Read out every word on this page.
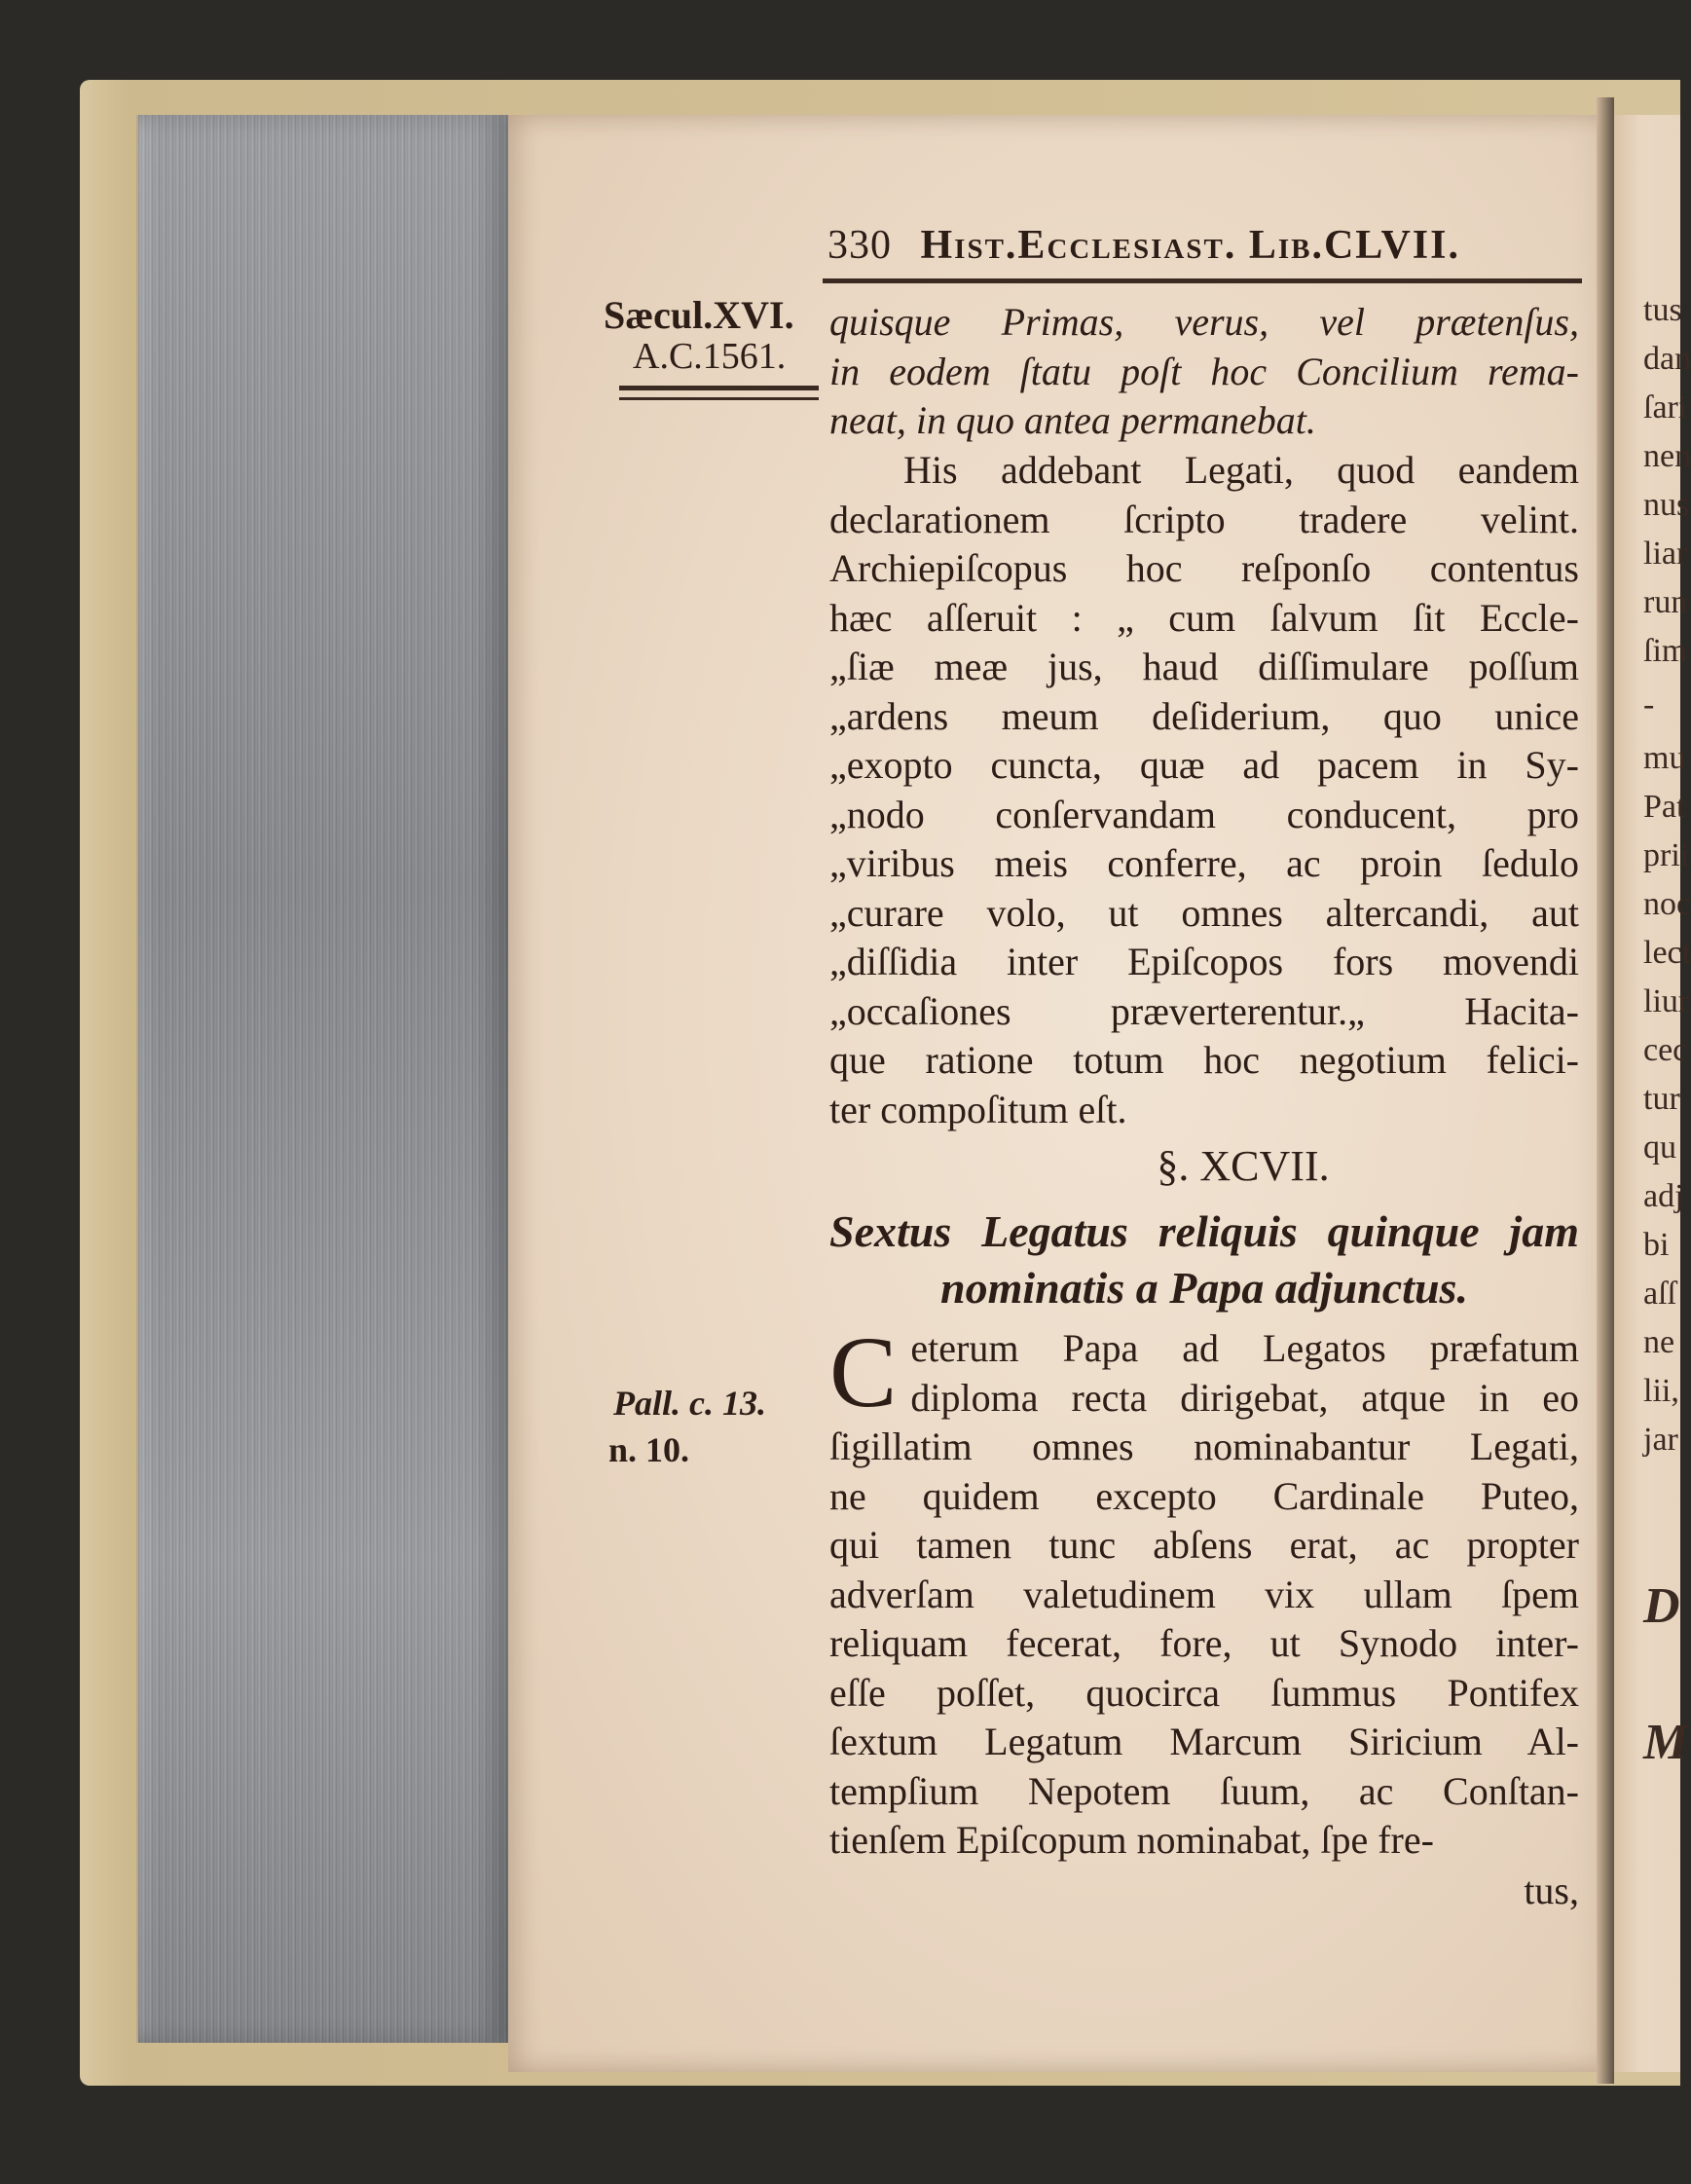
tus
dan
ſari
nen
nus
liar
run
ſim
-
mu
Pat
prii
noc
lect
liur
cec
tur
qu
adj
bi
aſſ
ne
lii,
jar
D
M
330 Hist.Ecclesiast. Lib.CLVII.
Sæcul.XVI.
A.C.1561.
Pall. c. 13.
n. 10.
quisque Primas, verus, vel prætenſus,
in eodem ſtatu poſt hoc Concilium rema-
neat, in quo antea permanebat.
His addebant Legati, quod eandem
declarationem ſcripto tradere velint.
Archiepiſcopus hoc reſponſo contentus
hæc aſſeruit : „ cum ſalvum ſit Eccle-
„ſiæ meæ jus, haud diſſimulare poſſum
„ardens meum deſiderium, quo unice
„exopto cuncta, quæ ad pacem in Sy-
„nodo conſervandam conducent, pro
„viribus meis conferre, ac proin ſedulo
„curare volo, ut omnes altercandi, aut
„diſſidia inter Epiſcopos fors movendi
„occaſiones præverterentur.„ Hacita-
que ratione totum hoc negotium felici-
ter compoſitum eſt.
§. XCVII.
Sextus Legatus reliquis quinque jam
nominatis a Papa adjunctus.
C eterum Papa ad Legatos præfatum
diploma recta dirigebat, atque in eo
ſigillatim omnes nominabantur Legati,
ne quidem excepto Cardinale Puteo,
qui tamen tunc abſens erat, ac propter
adverſam valetudinem vix ullam ſpem
reliquam fecerat, fore, ut Synodo inter-
eſſe poſſet, quocirca ſummus Pontifex
ſextum Legatum Marcum Siricium Al-
tempſium Nepotem ſuum, ac Conſtan-
tienſem Epiſcopum nominabat, ſpe fre-
tus,
